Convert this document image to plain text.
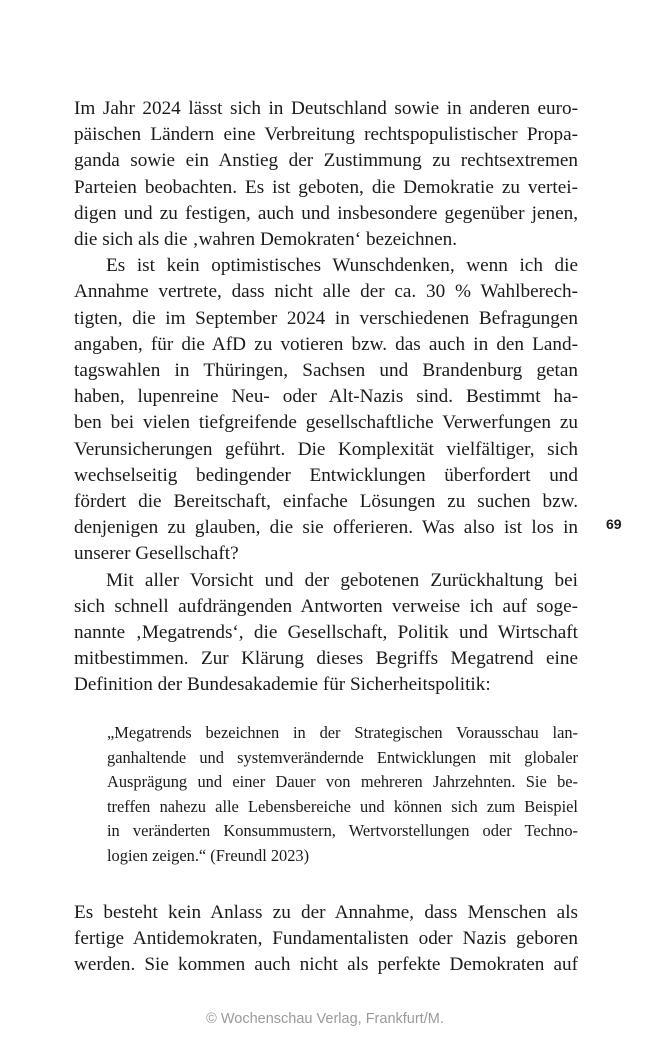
Im Jahr 2024 lässt sich in Deutschland sowie in anderen euro-
päischen Ländern eine Verbreitung rechtspopulistischer Propa-
ganda sowie ein Anstieg der Zustimmung zu rechtsextremen
Parteien beobachten. Es ist geboten, die Demokratie zu vertei-
digen und zu festigen, auch und insbesondere gegenüber jenen,
die sich als die ‚wahren Demokraten‘ bezeichnen.
Es ist kein optimistisches Wunschdenken, wenn ich die
Annahme vertrete, dass nicht alle der ca. 30 % Wahlberech-
tigten, die im September 2024 in verschiedenen Befragungen
angaben, für die AfD zu votieren bzw. das auch in den Land-
tagswahlen in Thüringen, Sachsen und Brandenburg getan
haben, lupenreine Neu- oder Alt-Nazis sind. Bestimmt ha-
ben bei vielen tiefgreifende gesellschaftliche Verwerfungen zu
Verunsicherungen geführt. Die Komplexität vielfältiger, sich
wechselseitig bedingender Entwicklungen überfordert und
fördert die Bereitschaft, einfache Lösungen zu suchen bzw.
denjenigen zu glauben, die sie offerieren. Was also ist los in
unserer Gesellschaft?
Mit aller Vorsicht und der gebotenen Zurückhaltung bei
sich schnell aufdrängenden Antworten verweise ich auf soge-
nannte ‚Megatrends‘, die Gesellschaft, Politik und Wirtschaft
mitbestimmen. Zur Klärung dieses Begriffs Megatrend eine
Definition der Bundesakademie für Sicherheitspolitik:
„Megatrends bezeichnen in der Strategischen Vorausschau lan-
ganhaltende und systemverändernde Entwicklungen mit globaler
Ausprägung und einer Dauer von mehreren Jahrzehnten. Sie be-
treffen nahezu alle Lebensbereiche und können sich zum Beispiel
in veränderten Konsummustern, Wertvorstellungen oder Techno-
logien zeigen.“ (Freundl 2023)
Es besteht kein Anlass zu der Annahme, dass Menschen als
fertige Antidemokraten, Fundamentalisten oder Nazis geboren
werden. Sie kommen auch nicht als perfekte Demokraten auf
69
© Wochenschau Verlag, Frankfurt/M.
